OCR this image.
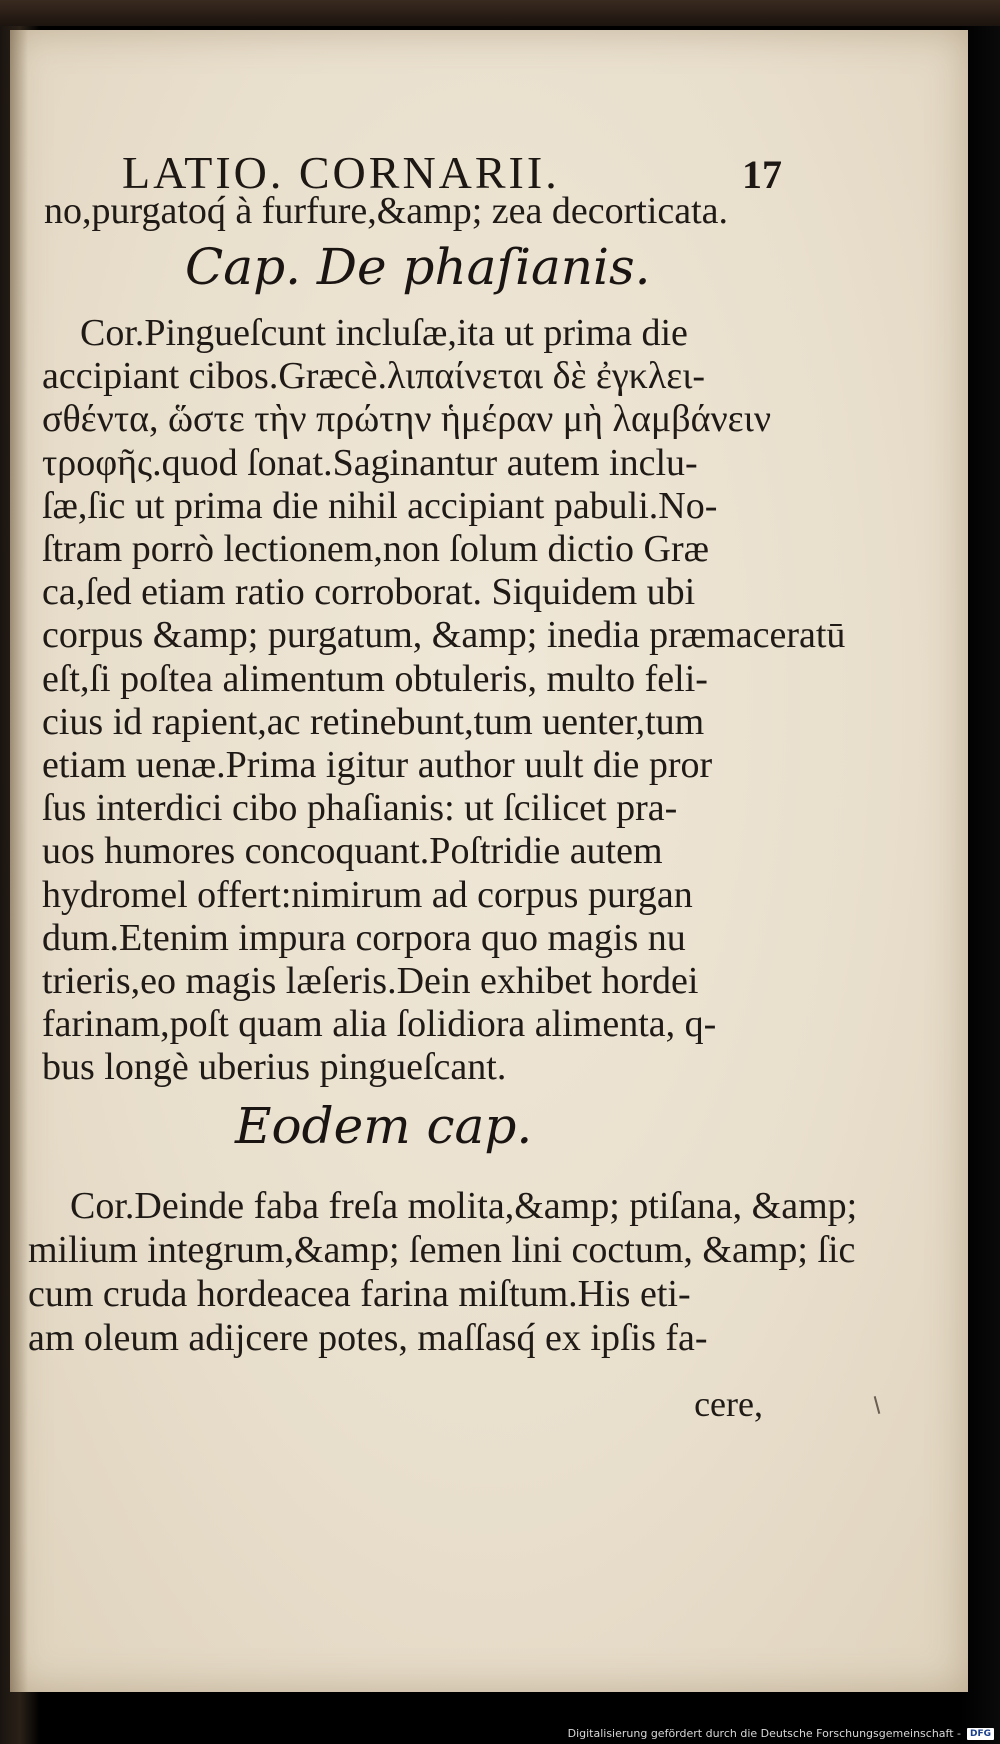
LATIO. CORNARII.	17
no,purgatoq́ à furfure,&amp; zea decorticata.
Cor.Pingueſcunt incluſæ,ita ut prima die
accipiant cibos.Græcè.λιπαίνεται δὲ ἐγκλει-
σθέντα, ὥστε τὴν πρώτην ἡμέραν μὴ λαμβάνειν
τροφῆς.quod ſonat.Saginantur autem inclu-
ſæ,ſic ut prima die nihil accipiant pabuli.No-
ſtram porrò lectionem,non ſolum dictio Græ
ca,ſed etiam ratio corroborat. Siquidem ubi
corpus &amp; purgatum, &amp; inedia præmaceratū
eſt,ſi poſtea alimentum obtuleris, multo feli-
cius id rapient,ac retinebunt,tum uenter,tum
etiam uenæ.Prima igitur author uult die pror
ſus interdici cibo phaſianis: ut ſcilicet pra-
uos humores concoquant.Poſtridie autem
hydromel offert:nimirum ad corpus purgan
dum.Etenim impura corpora quo magis nu
trieris,eo magis læſeris.Dein exhibet hordei
farinam,poſt quam alia ſolidiora alimenta, q-
bus longè uberius pingueſcant.
Cor.Deinde faba freſa molita,&amp; ptiſana, &amp;
milium integrum,&amp; ſemen lini coctum, &amp; ſic
cum cruda hordeacea farina miſtum.His eti-
am oleum adijcere potes, maſſasq́ ex ipſis fa-
Cap. De phaſianis.
Eodem cap.
cere,
Digitalisierung gefördert durch die Deutsche Forschungsgemeinschaft -	DFG
